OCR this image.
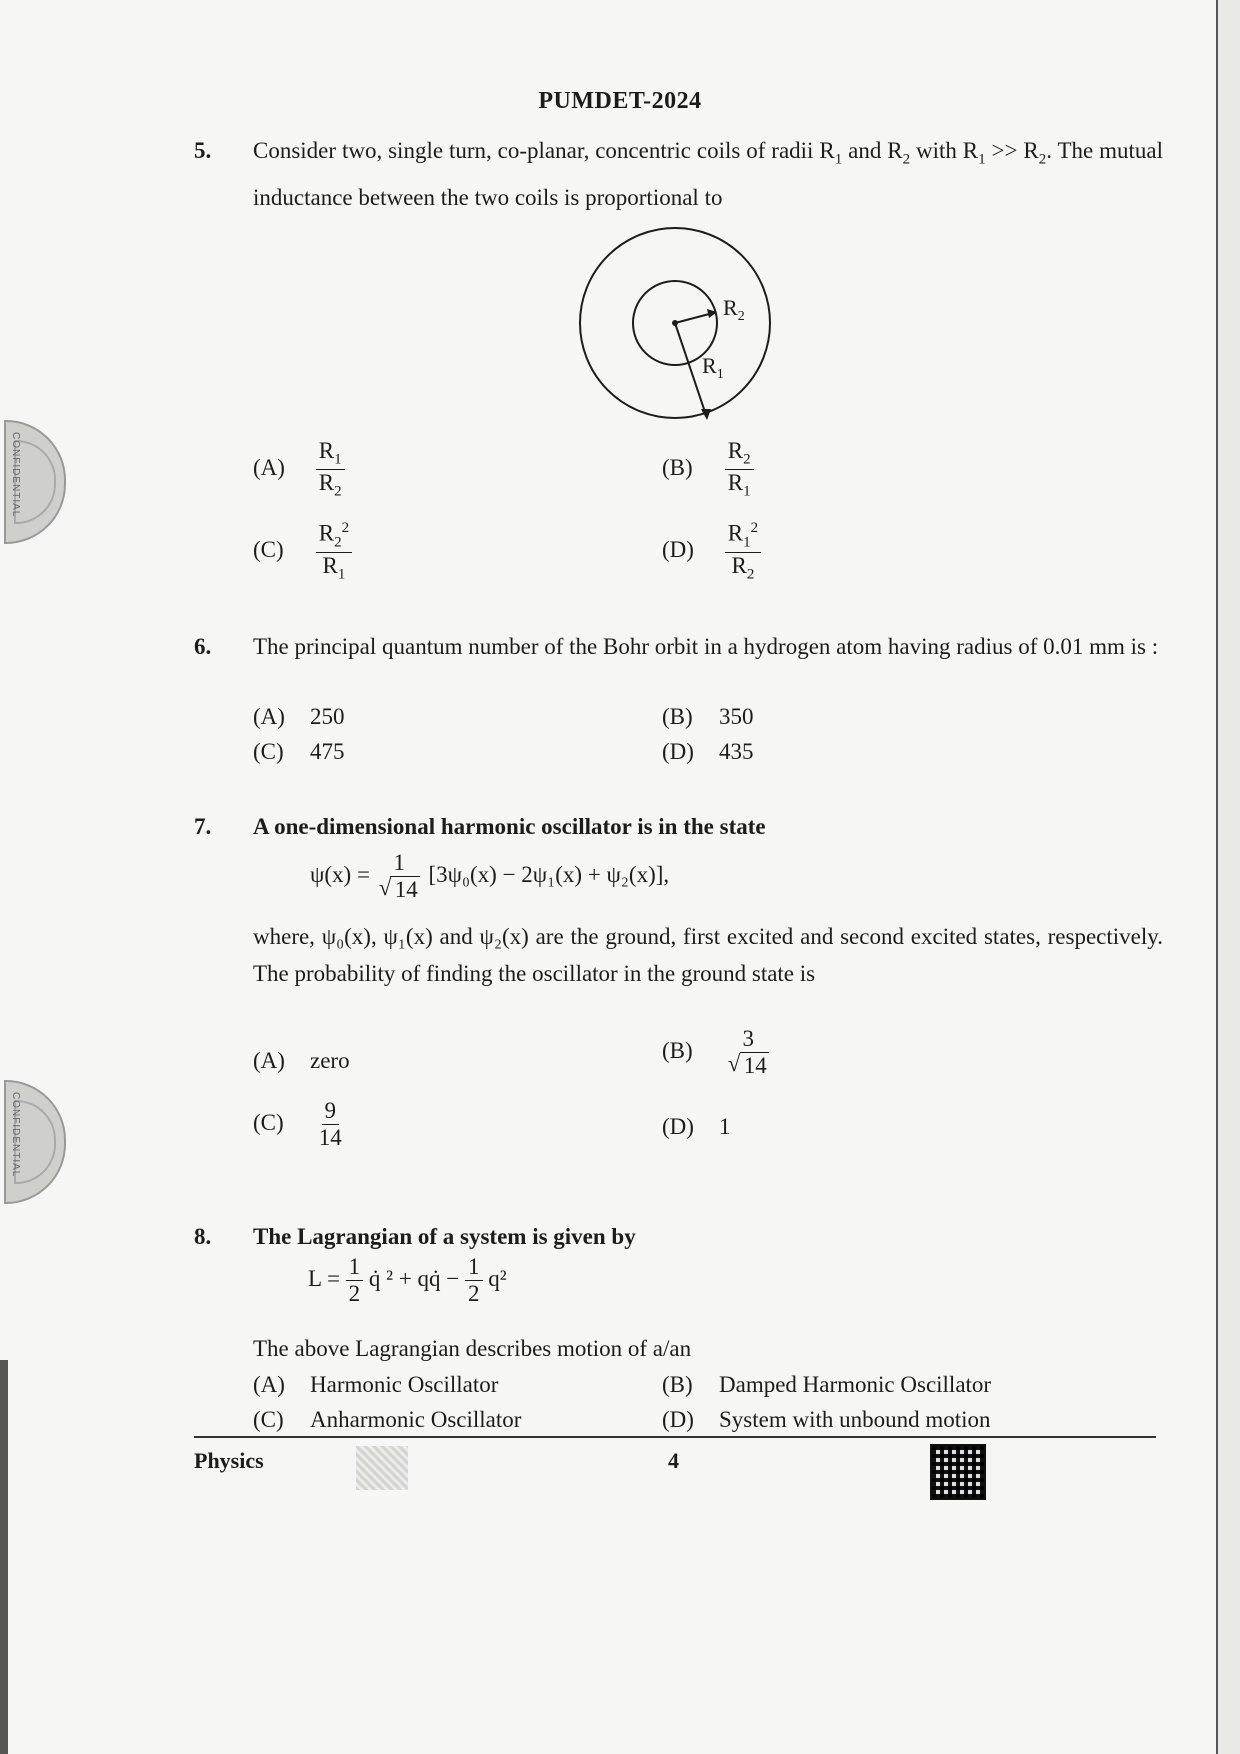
CONFIDENTIAL
CONFIDENTIAL
PUMDET-2024
5. Consider two, single turn, co-planar, concentric coils of radii $R_1$ and $R_2$ with $R_1 >> R_2$. The mutual inductance between the two coils is proportional to
$R_2$
$R_1$
$(A) \frac{R_1}{R_2}$	$(B) \frac{R_2}{R_1}$
$(C) \frac{R_2^2}{R_1}$	$(D) \frac{R_1^2}{R_2}$
6. The principal quantum number of the Bohr orbit in a hydrogen atom having radius of 0.01 mm is :
(A) 250	(B) 350
(C) 475	(D) 435
7. A one-dimensional harmonic oscillator is in the state
ψ(x) = 1
√ 14 [3ψ₀(x) − 2ψ₁(x) + ψ₂(x)],
where, ψ₀(x), ψ₁(x) and ψ₂(x) are the ground, first excited and second excited states, respectively. The probability of finding the oscillator in the ground state is
(A) zero	(B) 3
√ 14
$(C) \frac{9}{14}$	(D) 1
8. The Lagrangian of a system is given by
$L = \frac{1}{2}$ q̇ ² + qq̇ − $\frac{1}{2} q^2$
The above Lagrangian describes motion of a/an
(A) Harmonic Oscillator	(B) Damped Harmonic Oscillator
(C) Anharmonic Oscillator	(D) System with unbound motion
Physics	4
